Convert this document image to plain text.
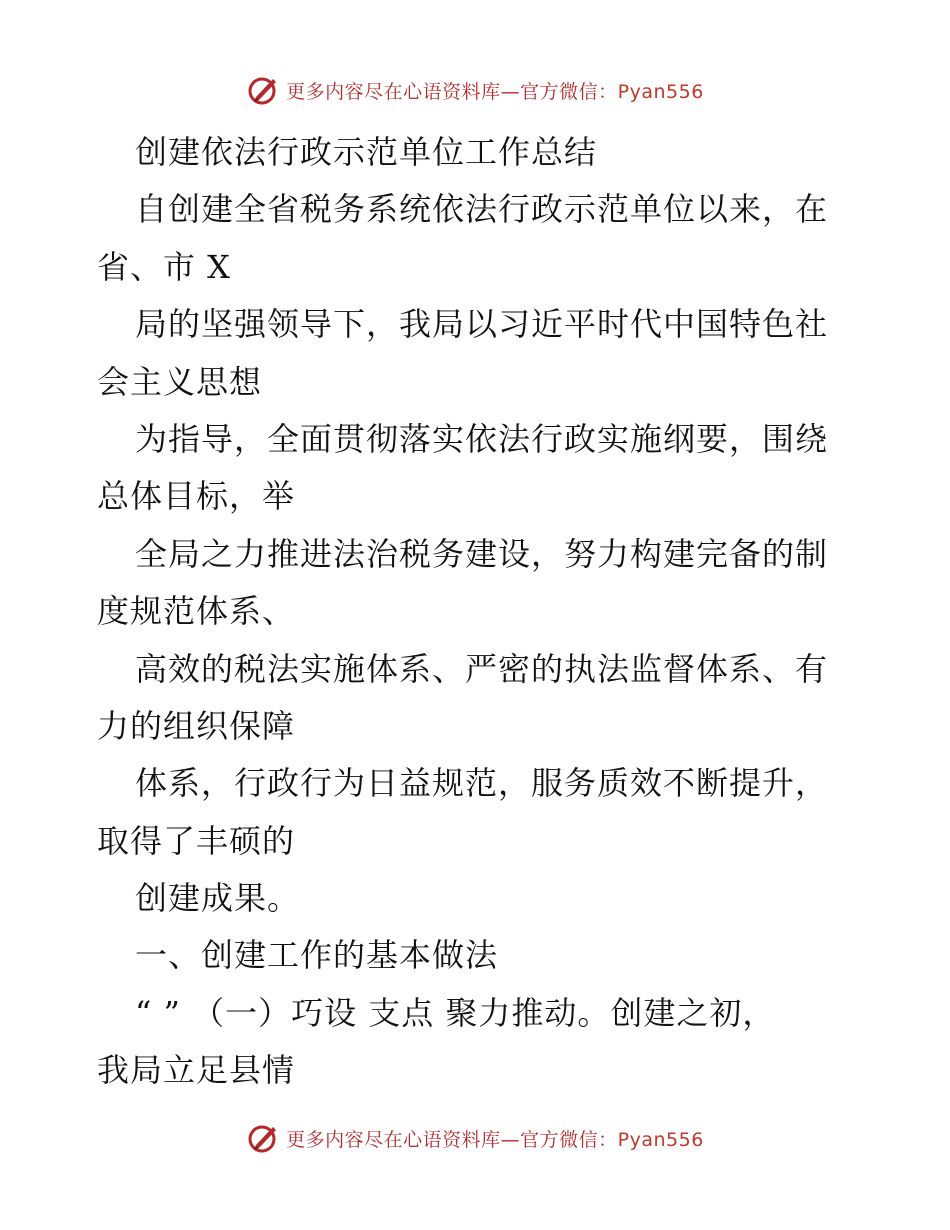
更多内容尽在心语资料库—官方微信：Pyan556
创建依法行政示范单位工作总结
自创建全省税务系统依法行政示范单位以来，在
省、市 X
局的坚强领导下，我局以习近平时代中国特色社
会主义思想
为指导，全面贯彻落实依法行政实施纲要，围绕
总体目标，举
全局之力推进法治税务建设，努力构建完备的制
度规范体系、
高效的税法实施体系、严密的执法监督体系、有
力的组织保障
体系，行政行为日益规范，服务质效不断提升，
取得了丰硕的
创建成果。
一、创建工作的基本做法
“ ” （一）巧设 支点 聚力推动。创建之初，
我局立足县情
更多内容尽在心语资料库—官方微信：Pyan556
